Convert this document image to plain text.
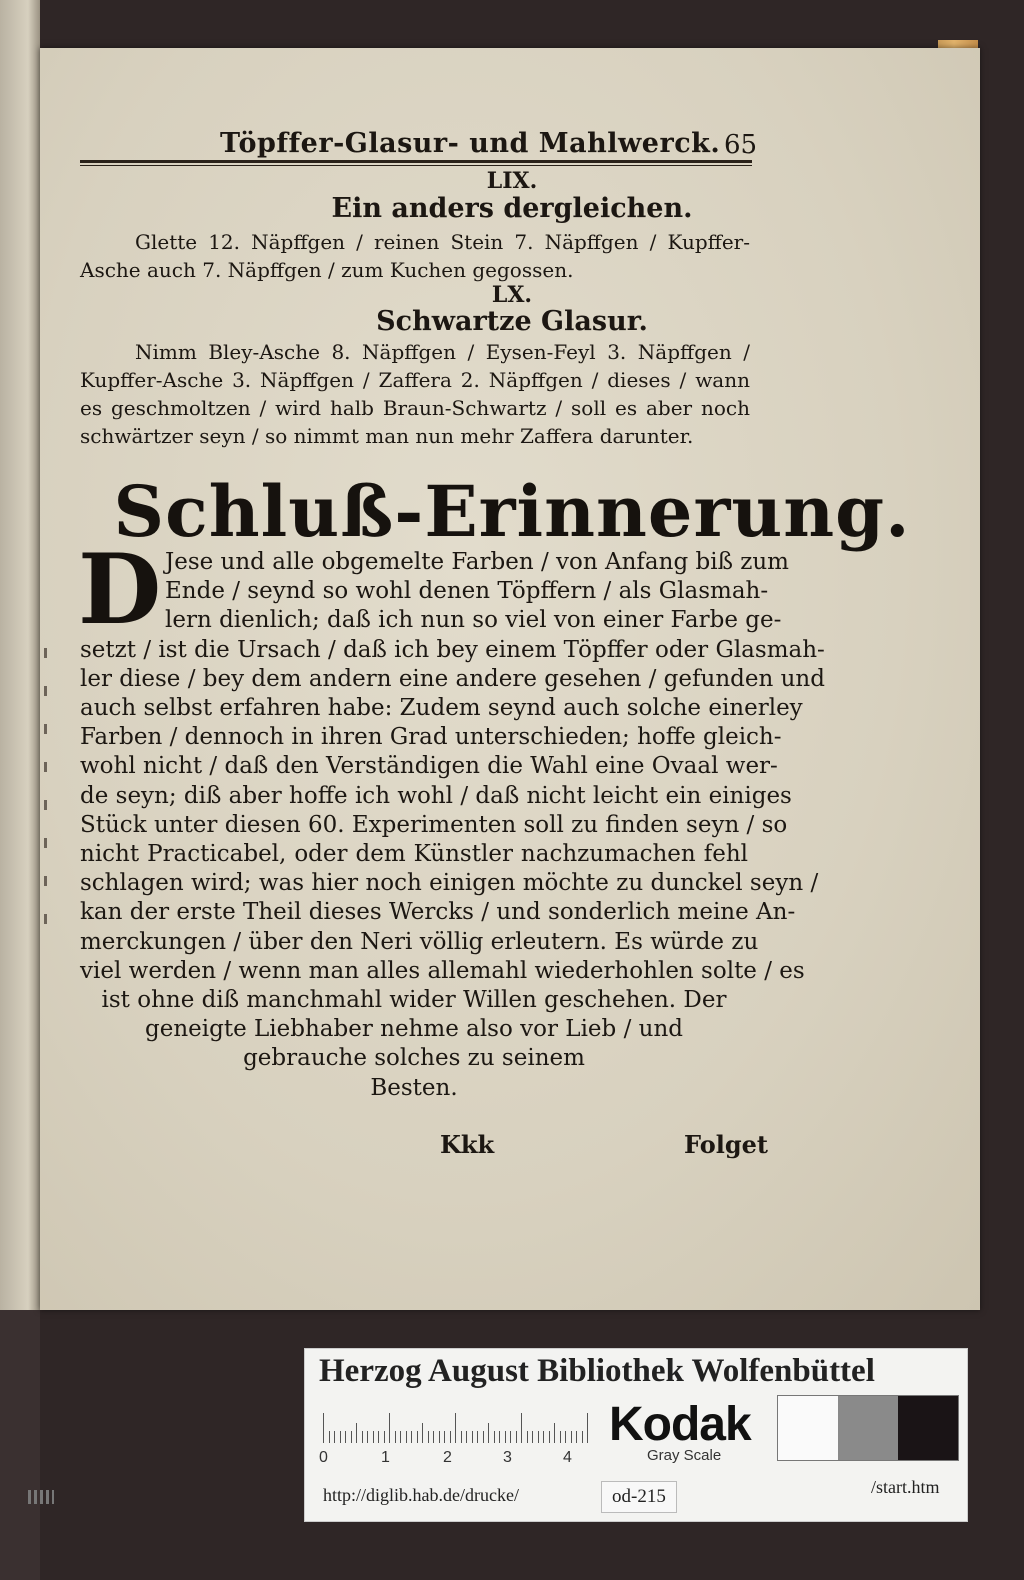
Töpffer-Glasur- und Mahlwerck. 65
LIX.
Ein anders dergleichen.
Glette 12. Näpffgen / reinen Stein 7. Näpffgen / Kupffer-Asche auch 7. Näpffgen / zum Kuchen gegossen.
LX.
Schwartze Glasur.
Nimm Bley-Asche 8. Näpffgen / Eysen-Feyl 3. Näpffgen / Kupffer-Asche 3. Näpffgen / Zaffera 2. Näpffgen / dieses / wann es geschmoltzen / wird halb Braun-Schwartz / soll es aber noch schwärtzer seyn / so nimmt man nun mehr Zaffera darunter.
Schluß-Erinnerung.
D Jese und alle obgemelte Farben / von Anfang biß zum
Ende / seynd so wohl denen Töpffern / als Glasmah-
lern dienlich; daß ich nun so viel von einer Farbe ge-
setzt / ist die Ursach / daß ich bey einem Töpffer oder Glasmah-
ler diese / bey dem andern eine andere gesehen / gefunden und
auch selbst erfahren habe: Zudem seynd auch solche einerley
Farben / dennoch in ihren Grad unterschieden; hoffe gleich-
wohl nicht / daß den Verständigen die Wahl eine Ovaal wer-
de seyn; diß aber hoffe ich wohl / daß nicht leicht ein einiges
Stück unter diesen 60. Experimenten soll zu finden seyn / so
nicht Practicabel, oder dem Künstler nachzumachen fehl
schlagen wird; was hier noch einigen möchte zu dunckel seyn /
kan der erste Theil dieses Wercks / und sonderlich meine An-
merckungen / über den Neri völlig erleutern. Es würde zu
viel werden / wenn man alles allemahl wiederhohlen solte / es
ist ohne diß manchmahl wider Willen geschehen. Der
geneigte Liebhaber nehme also vor Lieb / und
gebrauche solches zu seinem
Besten.
Kkk	Folget
Herzog August Bibliothek Wolfenbüttel
0	1	2	3	4
Kodak
Gray Scale
http://diglib.hab.de/drucke/	od-215	/start.htm
